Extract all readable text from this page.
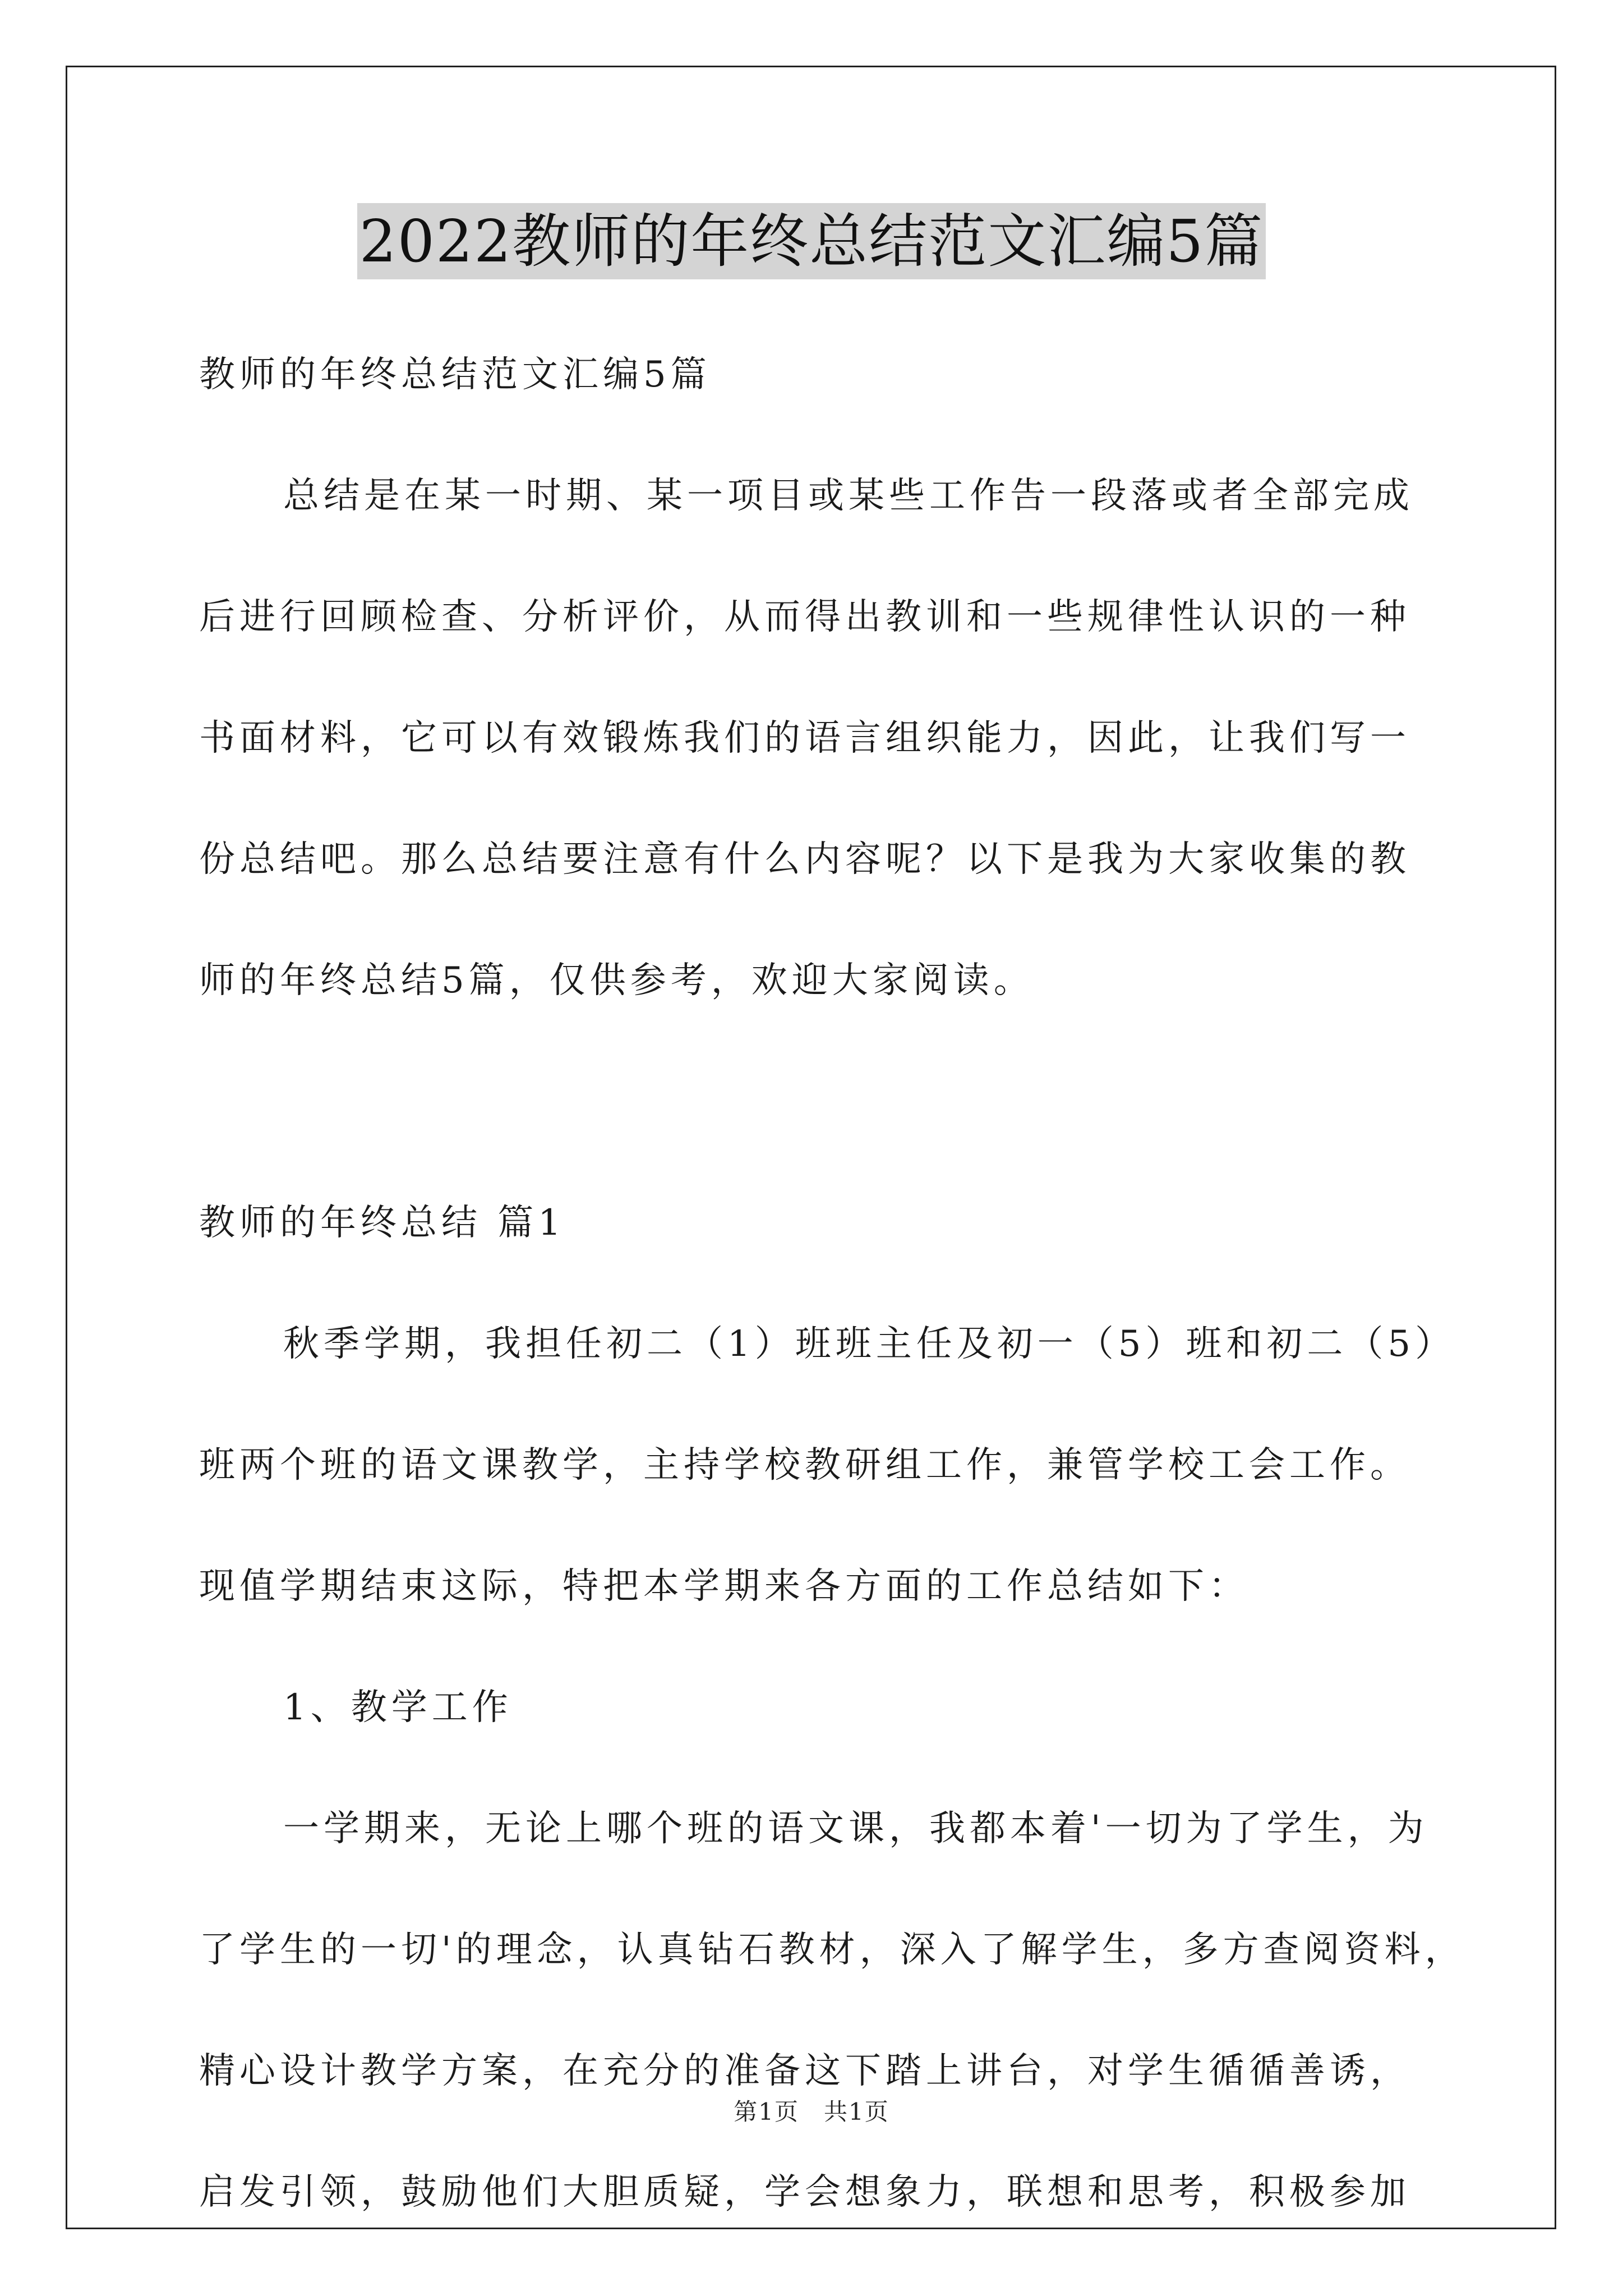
2022教师的年终总结范文汇编5篇
教师的年终总结范文汇编5篇
总结是在某一时期、某一项目或某些工作告一段落或者全部完成
后进行回顾检查、分析评价，从而得出教训和一些规律性认识的一种
书面材料，它可以有效锻炼我们的语言组织能力，因此，让我们写一
份总结吧。那么总结要注意有什么内容呢？以下是我为大家收集的教
师的年终总结5篇，仅供参考，欢迎大家阅读。
教师的年终总结 篇1
秋季学期，我担任初二（1）班班主任及初一（5）班和初二（5）
班两个班的语文课教学，主持学校教研组工作，兼管学校工会工作。
现值学期结束这际，特把本学期来各方面的工作总结如下：
1、教学工作
一学期来，无论上哪个班的语文课，我都本着'一切为了学生，为
了学生的一切'的理念，认真钻石教材，深入了解学生，多方查阅资料，
精心设计教学方案，在充分的准备这下踏上讲台，对学生循循善诱，
启发引领，鼓励他们大胆质疑，学会想象力，联想和思考，积极参加
第1页　共1页
